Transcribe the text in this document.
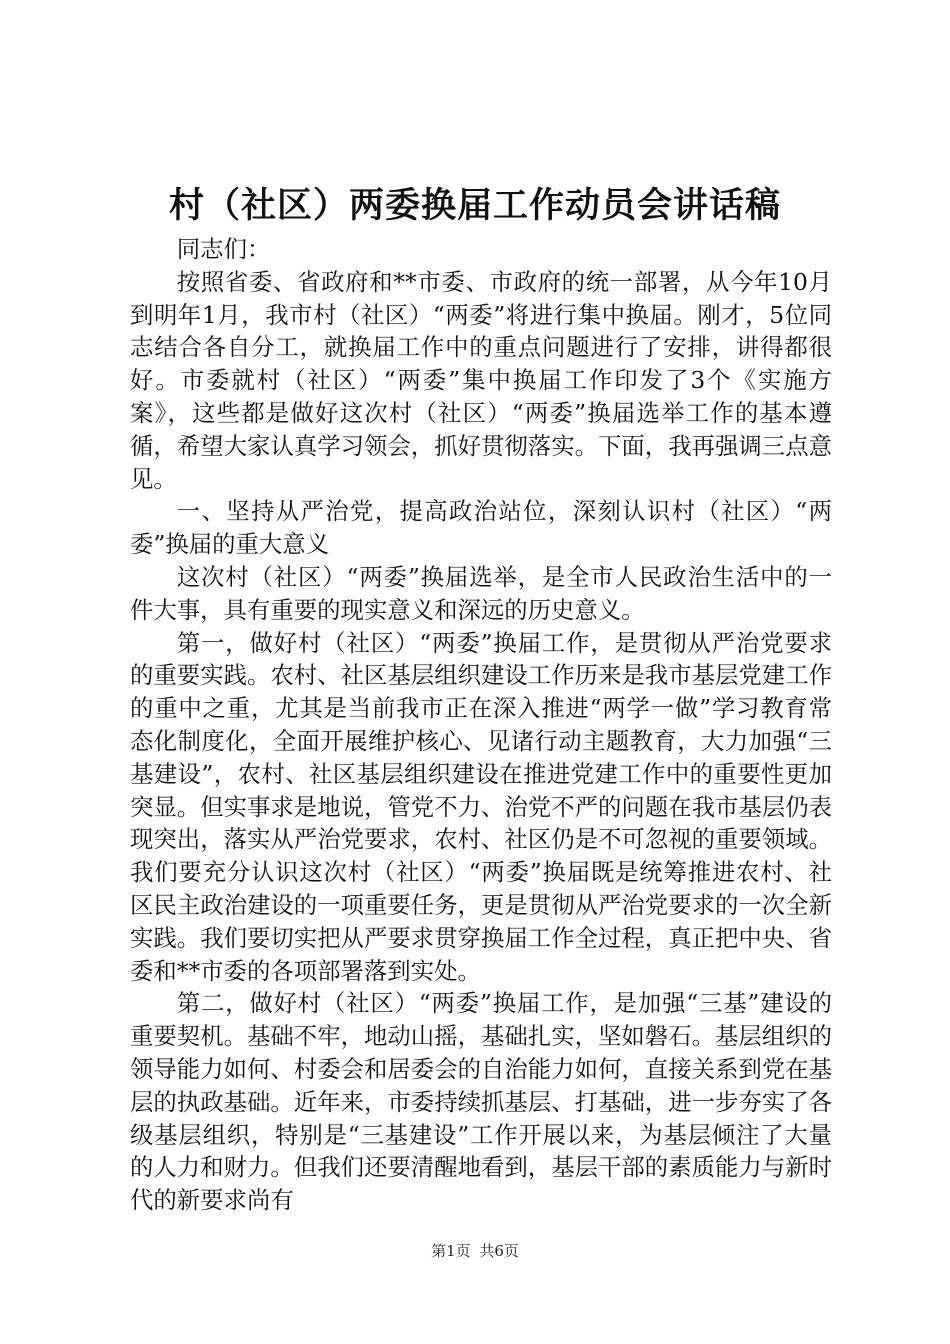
村（社区）两委换届工作动员会讲话稿

同志们：

按照省委、省政府和**市委、市政府的统一部署，从今年10月到明年1月，我市村（社区）“两委”将进行集中换届。刚才，5位同志结合各自分工，就换届工作中的重点问题进行了安排，讲得都很好。市委就村（社区）“两委”集中换届工作印发了3个《实施方案》，这些都是做好这次村（社区）“两委”换届选举工作的基本遵循，希望大家认真学习领会，抓好贯彻落实。下面，我再强调三点意见。

一、坚持从严治党，提高政治站位，深刻认识村（社区）“两委”换届的重大意义

这次村（社区）“两委”换届选举，是全市人民政治生活中的一件大事，具有重要的现实意义和深远的历史意义。

第一，做好村（社区）“两委”换届工作，是贯彻从严治党要求的重要实践。农村、社区基层组织建设工作历来是我市基层党建工作的重中之重，尤其是当前我市正在深入推进“两学一做”学习教育常态化制度化，全面开展维护核心、见诸行动主题教育，大力加强“三基建设”，农村、社区基层组织建设在推进党建工作中的重要性更加突显。但实事求是地说，管党不力、治党不严的问题在我市基层仍表现突出，落实从严治党要求，农村、社区仍是不可忽视的重要领域。我们要充分认识这次村（社区）“两委”换届既是统筹推进农村、社区民主政治建设的一项重要任务，更是贯彻从严治党要求的一次全新实践。我们要切实把从严要求贯穿换届工作全过程，真正把中央、省委和**市委的各项部署落到实处。

第二，做好村（社区）“两委”换届工作，是加强“三基”建设的重要契机。基础不牢，地动山摇，基础扎实，坚如磐石。基层组织的领导能力如何、村委会和居委会的自治能力如何，直接关系到党在基层的执政基础。近年来，市委持续抓基层、打基础，进一步夯实了各级基层组织，特别是“三基建设”工作开展以来，为基层倾注了大量的人力和财力。但我们还要清醒地看到，基层干部的素质能力与新时代的新要求尚有

第1页 共6页
